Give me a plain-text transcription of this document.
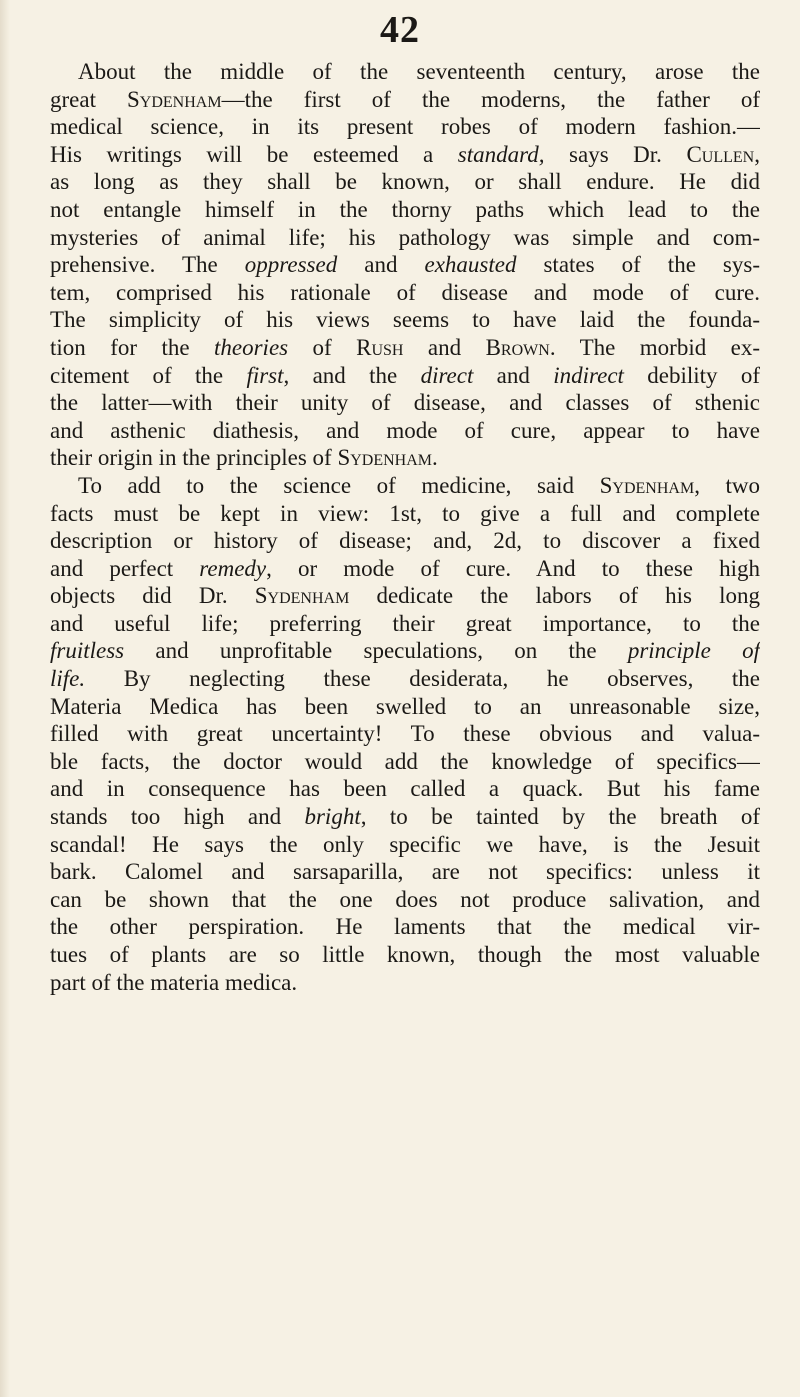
42
About the middle of the seventeenth century, arose the
great Sydenham—the first of the moderns, the father of
medical science, in its present robes of modern fashion.—
His writings will be esteemed a standard, says Dr. Cullen,
as long as they shall be known, or shall endure. He did
not entangle himself in the thorny paths which lead to the
mysteries of animal life; his pathology was simple and com-
prehensive. The oppressed and exhausted states of the sys-
tem, comprised his rationale of disease and mode of cure.
The simplicity of his views seems to have laid the founda-
tion for the theories of Rush and Brown. The morbid ex-
citement of the first, and the direct and indirect debility of
the latter—with their unity of disease, and classes of sthenic
and asthenic diathesis, and mode of cure, appear to have
their origin in the principles of Sydenham.
To add to the science of medicine, said Sydenham, two
facts must be kept in view: 1st, to give a full and complete
description or history of disease; and, 2d, to discover a fixed
and perfect remedy, or mode of cure. And to these high
objects did Dr. Sydenham dedicate the labors of his long
and useful life; preferring their great importance, to the
fruitless and unprofitable speculations, on the principle of
life. By neglecting these desiderata, he observes, the
Materia Medica has been swelled to an unreasonable size,
filled with great uncertainty! To these obvious and valua-
ble facts, the doctor would add the knowledge of specifics—
and in consequence has been called a quack. But his fame
stands too high and bright, to be tainted by the breath of
scandal! He says the only specific we have, is the Jesuit
bark. Calomel and sarsaparilla, are not specifics: unless it
can be shown that the one does not produce salivation, and
the other perspiration. He laments that the medical vir-
tues of plants are so little known, though the most valuable
part of the materia medica.
